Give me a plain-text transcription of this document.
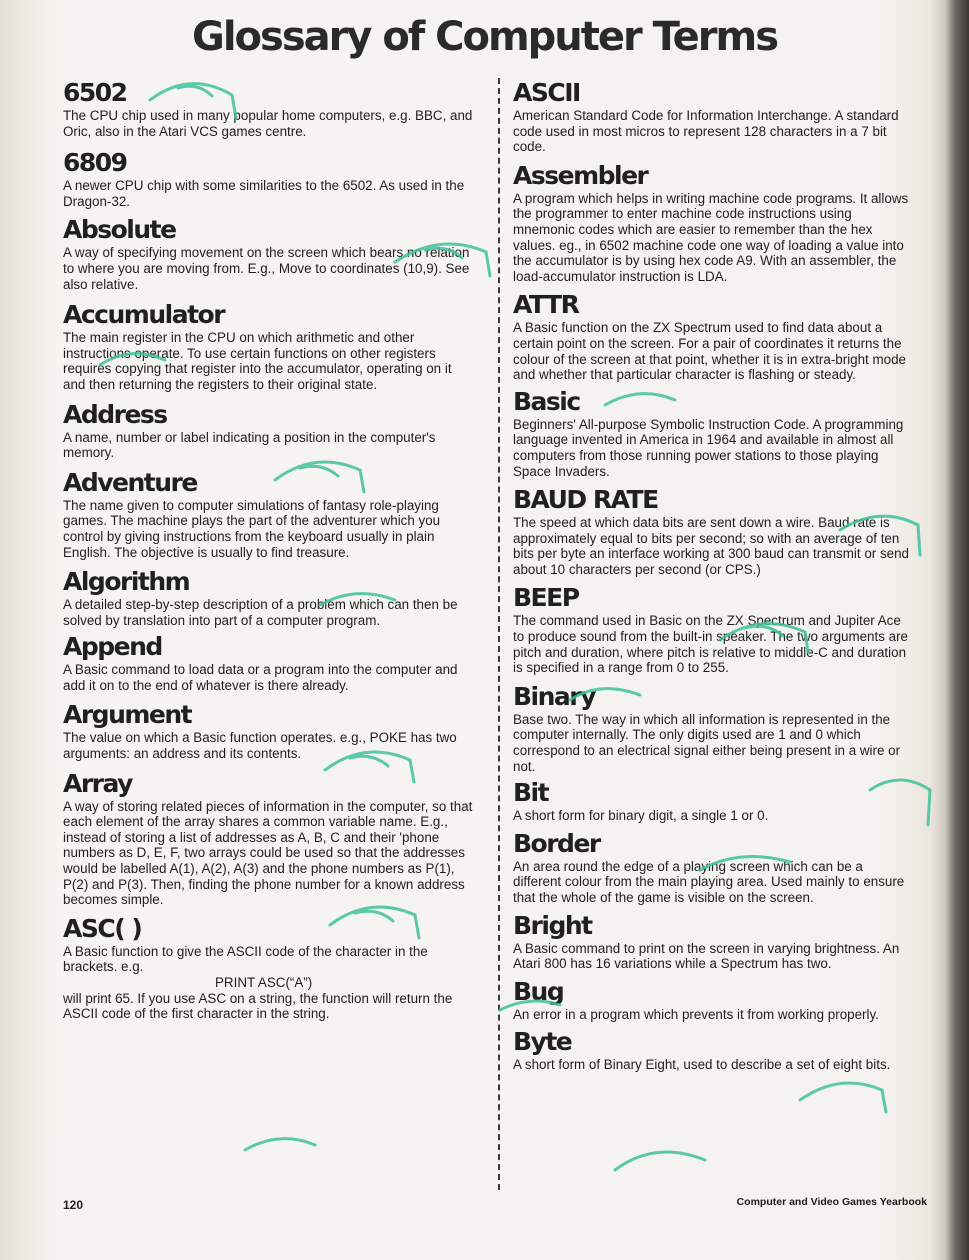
Glossary of Computer Terms
6502

The CPU chip used in many popular home computers, e.g. BBC, and Oric, also in the Atari VCS games centre.

6809

A newer CPU chip with some similarities to the 6502. As used in the Dragon-32.

Absolute

A way of specifying movement on the screen which bears no relation to where you are moving from. E.g., Move to coordinates (10,9). See also relative.

Accumulator

The main register in the CPU on which arithmetic and other instructions operate. To use certain functions on other registers requires copying that register into the accumulator, operating on it and then returning the registers to their original state.

Address

A name, number or label indicating a position in the computer's memory.

Adventure

The name given to computer simulations of fantasy role-playing games. The machine plays the part of the adventurer which you control by giving instructions from the keyboard usually in plain English. The objective is usually to find treasure.

Algorithm

A detailed step-by-step description of a problem which can then be solved by translation into part of a computer program.

Append

A Basic command to load data or a program into the computer and add it on to the end of whatever is there already.

Argument

The value on which a Basic function operates. e.g., POKE has two arguments: an address and its contents.

Array

A way of storing related pieces of information in the computer, so that each element of the array shares a common variable name. E.g., instead of storing a list of addresses as A, B, C and their 'phone numbers as D, E, F, two arrays could be used so that the addresses would be labelled A(1), A(2), A(3) and the phone numbers as P(1), P(2) and P(3). Then, finding the phone number for a known address becomes simple.

ASC( )

A Basic function to give the ASCII code of the character in the brackets. e.g.
PRINT ASC(“A”)
will print 65. If you use ASC on a string, the function will return the ASCII code of the first character in the string.

ASCII

American Standard Code for Information Interchange. A standard code used in most micros to represent 128 characters in a 7 bit code.

Assembler

A program which helps in writing machine code programs. It allows the programmer to enter machine code instructions using mnemonic codes which are easier to remember than the hex values. eg., in 6502 machine code one way of loading a value into the accumulator is by using hex code A9. With an assembler, the load-accumulator instruction is LDA.

ATTR

A Basic function on the ZX Spectrum used to find data about a certain point on the screen. For a pair of coordinates it returns the colour of the screen at that point, whether it is in extra-bright mode and whether that particular character is flashing or steady.

Basic

Beginners' All-purpose Symbolic Instruction Code. A programming language invented in America in 1964 and available in almost all computers from those running power stations to those playing Space Invaders.

BAUD RATE

The speed at which data bits are sent down a wire. Baud rate is approximately equal to bits per second; so with an average of ten bits per byte an interface working at 300 baud can transmit or send about 10 characters per second (or CPS.)

BEEP

The command used in Basic on the ZX Spectrum and Jupiter Ace to produce sound from the built-in speaker. The two arguments are pitch and duration, where pitch is relative to middle-C and duration is specified in a range from 0 to 255.

Binary

Base two. The way in which all information is represented in the computer internally. The only digits used are 1 and 0 which correspond to an electrical signal either being present in a wire or not.

Bit

A short form for binary digit, a single 1 or 0.

Border

An area round the edge of a playing screen which can be a different colour from the main playing area. Used mainly to ensure that the whole of the game is visible on the screen.

Bright

A Basic command to print on the screen in varying brightness. An Atari 800 has 16 variations while a Spectrum has two.

Bug

An error in a program which prevents it from working properly.

Byte

A short form of Binary Eight, used to describe a set of eight bits.

120	Computer and Video Games Yearbook
